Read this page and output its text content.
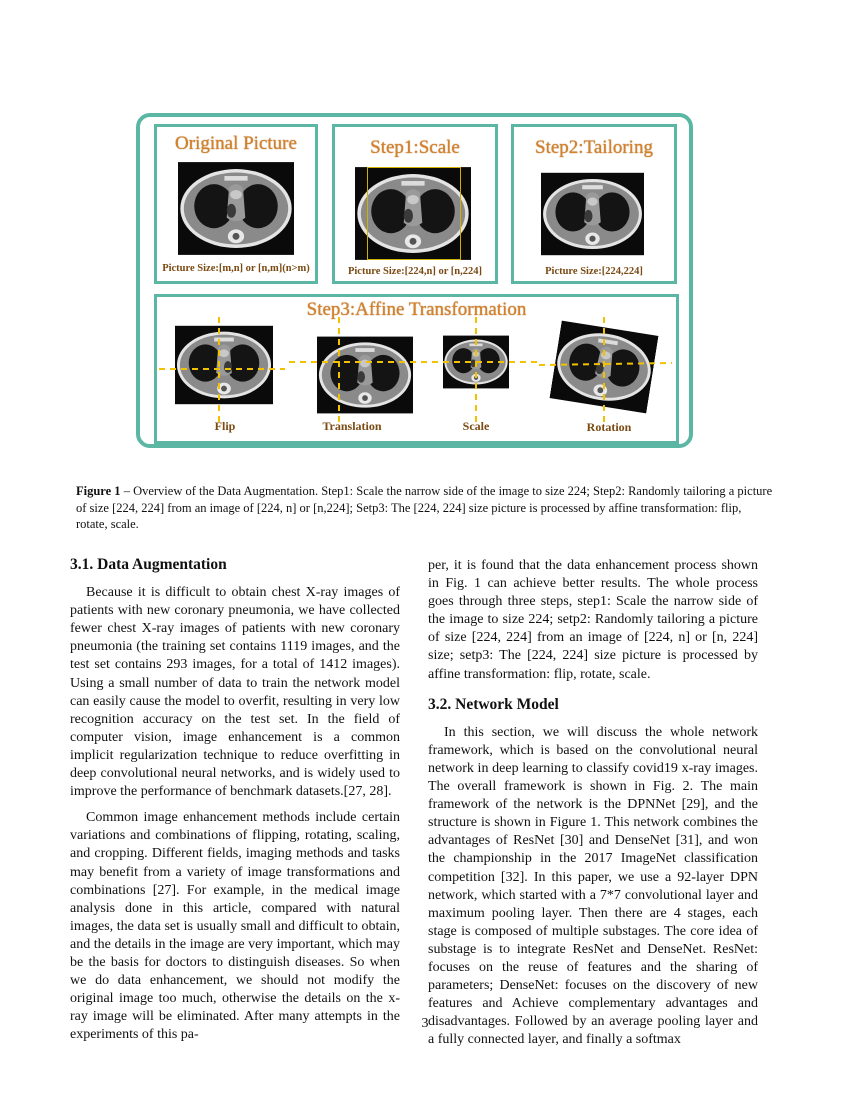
Original Picture
Picture Size:[m,n] or [n,m](n>m)
Step1:Scale
Picture Size:[224,n] or [n,224]
Step2:Tailoring
Picture Size:[224,224]
Step3:Affine Transformation
Flip	Translation	Scale	Rotation
Figure 1 – Overview of the Data Augmentation. Step1: Scale the narrow side of the image to size 224; Step2: Randomly tailoring a picture of size [224, 224] from an image of [224, n] or [n,224]; Setp3: The [224, 224] size picture is processed by affine transformation: flip, rotate, scale.
3.1. Data Augmentation

Because it is difficult to obtain chest X-ray images of patients with new coronary pneumonia, we have collected fewer chest X-ray images of patients with new coronary pneumonia (the training set contains 1119 images, and the test set contains 293 images, for a total of 1412 images). Using a small number of data to train the network model can easily cause the model to overfit, resulting in very low recognition accuracy on the test set. In the field of computer vision, image enhancement is a common implicit regularization technique to reduce overfitting in deep convolutional neural networks, and is widely used to improve the performance of benchmark datasets.[27, 28].

Common image enhancement methods include certain variations and combinations of flipping, rotating, scaling, and cropping. Different fields, imaging methods and tasks may benefit from a variety of image transformations and combinations [27]. For example, in the medical image analysis done in this article, compared with natural images, the data set is usually small and difficult to obtain, and the details in the image are very important, which may be the basis for doctors to distinguish diseases. So when we do data enhancement, we should not modify the original image too much, otherwise the details on the x-ray image will be eliminated. After many attempts in the experiments of this pa-

per, it is found that the data enhancement process shown in Fig. 1 can achieve better results. The whole process goes through three steps, step1: Scale the narrow side of the image to size 224; setp2: Randomly tailoring a picture of size [224, 224] from an image of [224, n] or [n, 224] size; setp3: The [224, 224] size picture is processed by affine transformation: flip, rotate, scale.

3.2. Network Model

In this section, we will discuss the whole network framework, which is based on the convolutional neural network in deep learning to classify covid19 x-ray images. The overall framework is shown in Fig. 2. The main framework of the network is the DPNNet [29], and the structure is shown in Figure 1. This network combines the advantages of ResNet [30] and DenseNet [31], and won the championship in the 2017 ImageNet classification competition [32]. In this paper, we use a 92-layer DPN network, which started with a 7*7 convolutional layer and maximum pooling layer. Then there are 4 stages, each stage is composed of multiple substages. The core idea of substage is to integrate ResNet and DenseNet. ResNet: focuses on the reuse of features and the sharing of parameters; DenseNet: focuses on the discovery of new features and Achieve complementary advantages and disadvantages. Followed by an average pooling layer and a fully connected layer, and finally a softmax

3
